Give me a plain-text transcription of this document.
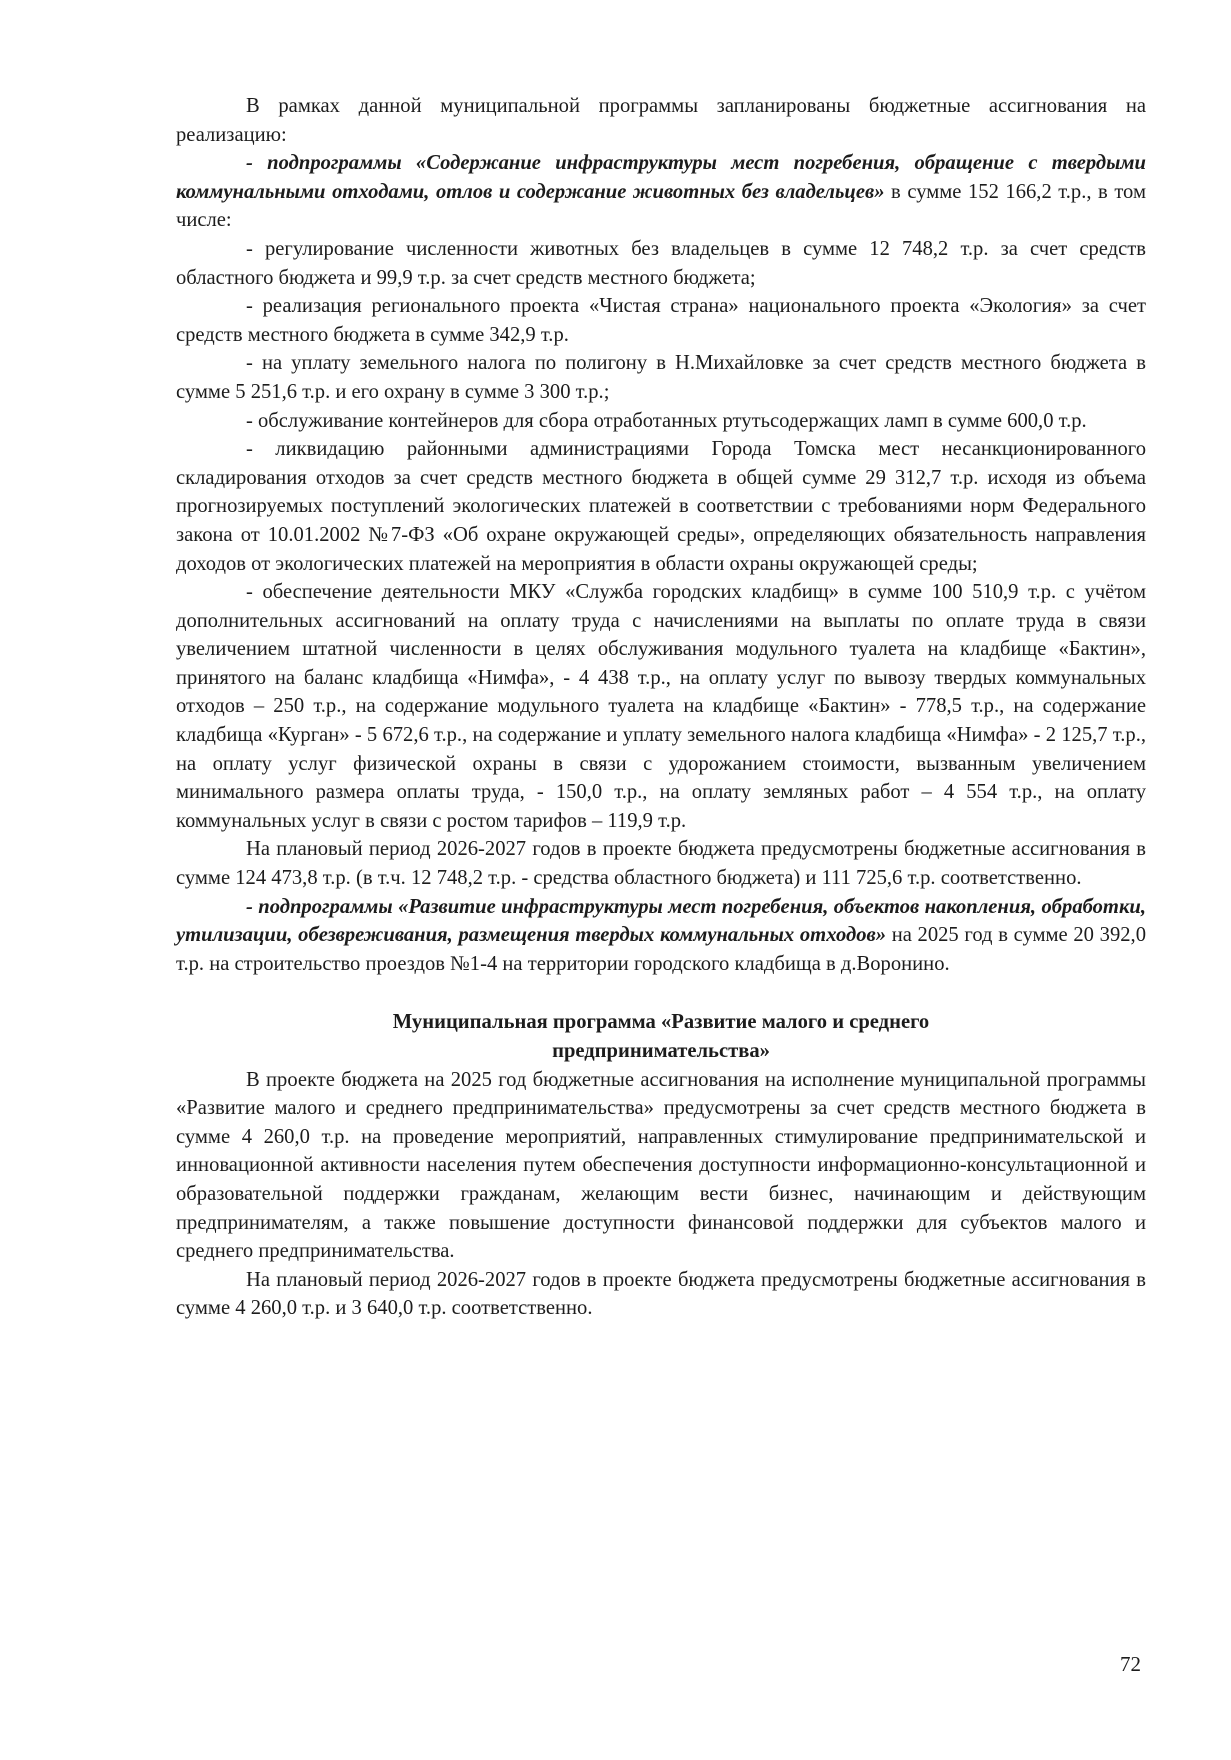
В рамках данной муниципальной программы запланированы бюджетные ассигнования на реализацию:

- подпрограммы «Содержание инфраструктуры мест погребения, обращение с твердыми коммунальными отходами, отлов и содержание животных без владельцев» в сумме 152 166,2 т.р., в том числе:

- регулирование численности животных без владельцев в сумме 12 748,2 т.р. за счет средств областного бюджета и 99,9 т.р. за счет средств местного бюджета;

- реализация регионального проекта «Чистая страна» национального проекта «Экология» за счет средств местного бюджета в сумме 342,9 т.р.

- на уплату земельного налога по полигону в Н.Михайловке за счет средств местного бюджета в сумме 5 251,6 т.р. и его охрану в сумме 3 300 т.р.;

- обслуживание контейнеров для сбора отработанных ртутьсодержащих ламп в сумме 600,0 т.р.

- ликвидацию районными администрациями Города Томска мест несанкционированного складирования отходов за счет средств местного бюджета в общей сумме 29 312,7 т.р. исходя из объема прогнозируемых поступлений экологических платежей в соответствии с требованиями норм Федерального закона от 10.01.2002 №7-ФЗ «Об охране окружающей среды», определяющих обязательность направления доходов от экологических платежей на мероприятия в области охраны окружающей среды;

- обеспечение деятельности МКУ «Служба городских кладбищ» в сумме 100 510,9 т.р. с учётом дополнительных ассигнований на оплату труда с начислениями на выплаты по оплате труда в связи увеличением штатной численности в целях обслуживания модульного туалета на кладбище «Бактин», принятого на баланс кладбища «Нимфа», - 4 438 т.р., на оплату услуг по вывозу твердых коммунальных отходов – 250 т.р., на содержание модульного туалета на кладбище «Бактин» - 778,5 т.р., на содержание кладбища «Курган» - 5 672,6 т.р., на содержание и уплату земельного налога кладбища «Нимфа» - 2 125,7 т.р., на оплату услуг физической охраны в связи с удорожанием стоимости, вызванным увеличением минимального размера оплаты труда, - 150,0 т.р., на оплату земляных работ – 4 554 т.р., на оплату коммунальных услуг в связи с ростом тарифов – 119,9 т.р.

На плановый период 2026-2027 годов в проекте бюджета предусмотрены бюджетные ассигнования в сумме 124 473,8 т.р. (в т.ч. 12 748,2 т.р. - средства областного бюджета) и 111 725,6 т.р. соответственно.

- подпрограммы «Развитие инфраструктуры мест погребения, объектов накопления, обработки, утилизации, обезвреживания, размещения твердых коммунальных отходов» на 2025 год в сумме 20 392,0 т.р. на строительство проездов №1-4 на территории городского кладбища в д.Воронино.

Муниципальная программа «Развитие малого и среднего предпринимательства»

В проекте бюджета на 2025 год бюджетные ассигнования на исполнение муниципальной программы «Развитие малого и среднего предпринимательства» предусмотрены за счет средств местного бюджета в сумме 4 260,0 т.р. на проведение мероприятий, направленных стимулирование предпринимательской и инновационной активности населения путем обеспечения доступности информационно-консультационной и образовательной поддержки гражданам, желающим вести бизнес, начинающим и действующим предпринимателям, а также повышение доступности финансовой поддержки для субъектов малого и среднего предпринимательства.

На плановый период 2026-2027 годов в проекте бюджета предусмотрены бюджетные ассигнования в сумме 4 260,0 т.р. и 3 640,0 т.р. соответственно.

72
